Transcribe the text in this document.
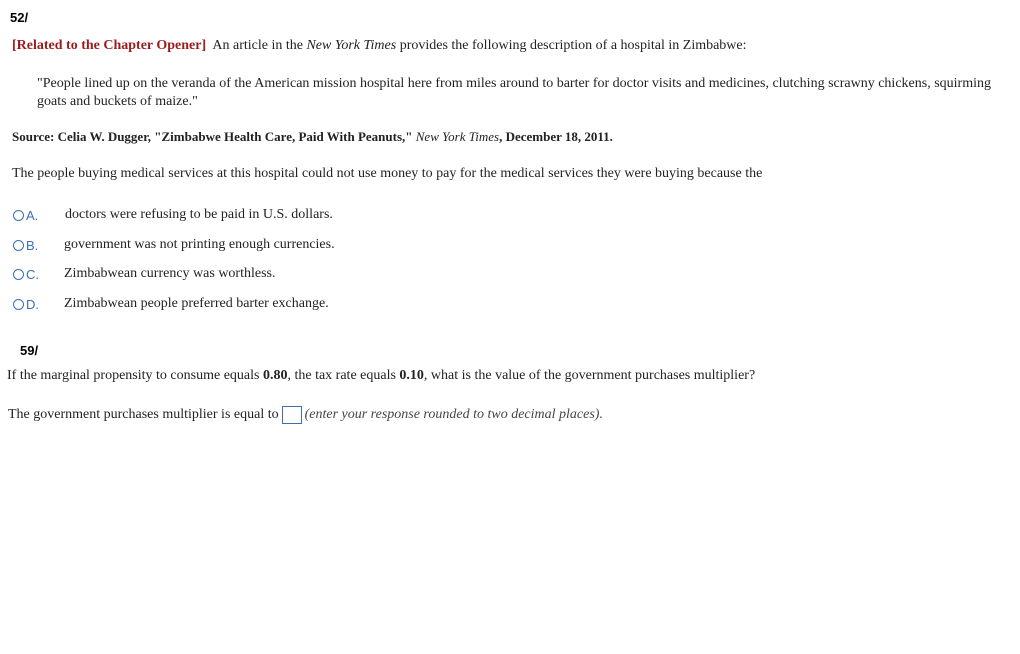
52/
[Related to the Chapter Opener] An article in the New York Times provides the following description of a hospital in Zimbabwe:
"People lined up on the veranda of the American mission hospital here from miles around to barter for doctor visits and medicines, clutching scrawny chickens, squirming goats and buckets of maize."
Source: Celia W. Dugger, "Zimbabwe Health Care, Paid With Peanuts," New York Times, December 18, 2011.
The people buying medical services at this hospital could not use money to pay for the medical services they were buying because the
A.	doctors were refusing to be paid in U.S. dollars.
B.	government was not printing enough currencies.
C.	Zimbabwean currency was worthless.
D.	Zimbabwean people preferred barter exchange.
59/
If the marginal propensity to consume equals 0.80, the tax rate equals 0.10, what is the value of the government purchases multiplier?
The government purchases multiplier is equal to (enter your response rounded to two decimal places).
